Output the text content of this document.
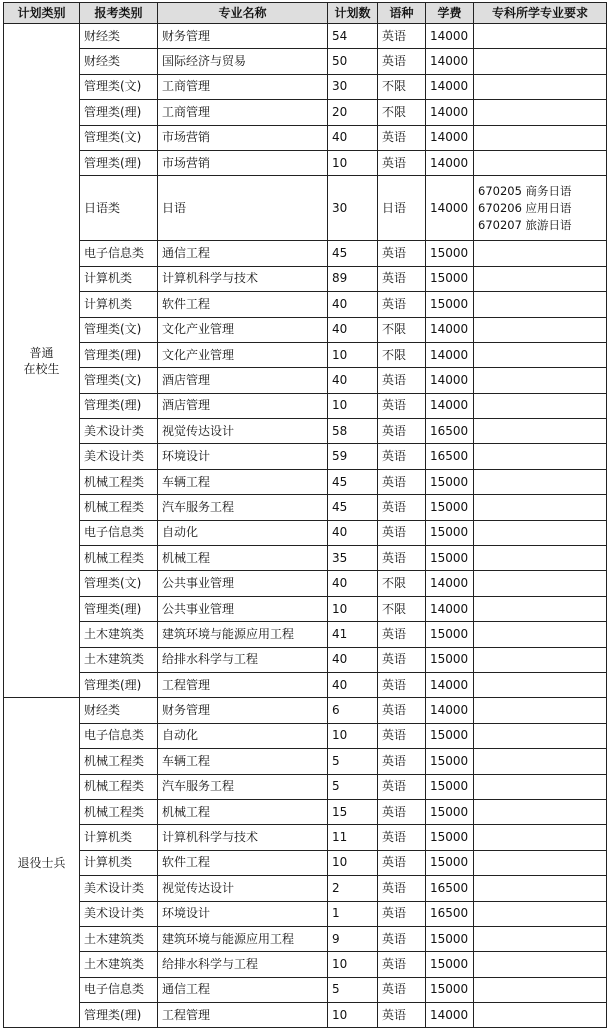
计划类别	报考类别	专业名称	计划数	语种	学费	专科所学专业要求
普通
在校生	财经类	财务管理	54	英语	14000	
	财经类	国际经济与贸易	50	英语	14000	
	管理类(文)	工商管理	30	不限	14000	
	管理类(理)	工商管理	20	不限	14000	
	管理类(文)	市场营销	40	英语	14000	
	管理类(理)	市场营销	10	英语	14000	
	日语类	日语	30	日语	14000	670205 商务日语
670206 应用日语
670207 旅游日语
	电子信息类	通信工程	45	英语	15000	
	计算机类	计算机科学与技术	89	英语	15000	
	计算机类	软件工程	40	英语	15000	
	管理类(文)	文化产业管理	40	不限	14000	
	管理类(理)	文化产业管理	10	不限	14000	
	管理类(文)	酒店管理	40	英语	14000	
	管理类(理)	酒店管理	10	英语	14000	
	美术设计类	视觉传达设计	58	英语	16500	
	美术设计类	环境设计	59	英语	16500	
	机械工程类	车辆工程	45	英语	15000	
	机械工程类	汽车服务工程	45	英语	15000	
	电子信息类	自动化	40	英语	15000	
	机械工程类	机械工程	35	英语	15000	
	管理类(文)	公共事业管理	40	不限	14000	
	管理类(理)	公共事业管理	10	不限	14000	
	土木建筑类	建筑环境与能源应用工程	41	英语	15000	
	土木建筑类	给排水科学与工程	40	英语	15000	
	管理类(理)	工程管理	40	英语	14000	
退役士兵	财经类	财务管理	6	英语	14000	
	电子信息类	自动化	10	英语	15000	
	机械工程类	车辆工程	5	英语	15000	
	机械工程类	汽车服务工程	5	英语	15000	
	机械工程类	机械工程	15	英语	15000	
	计算机类	计算机科学与技术	11	英语	15000	
	计算机类	软件工程	10	英语	15000	
	美术设计类	视觉传达设计	2	英语	16500	
	美术设计类	环境设计	1	英语	16500	
	土木建筑类	建筑环境与能源应用工程	9	英语	15000	
	土木建筑类	给排水科学与工程	10	英语	15000	
	电子信息类	通信工程	5	英语	15000	
	管理类(理)	工程管理	10	英语	14000	
